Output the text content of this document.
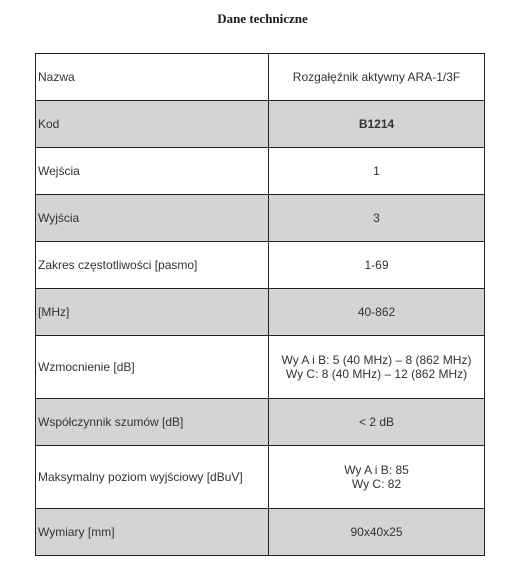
Dane techniczne
Nazwa	Rozgałęźnik aktywny ARA-1/3F
Kod	B1214
Wejścia	1
Wyjścia	3
Zakres częstotliwości [pasmo]	1-69
[MHz]	40-862
Wzmocnienie [dB]	Wy A i B: 5 (40 MHz) – 8 (862 MHz)
Wy C: 8 (40 MHz) – 12 (862 MHz)

Współczynnik szumów [dB]	< 2 dB
Maksymalny poziom wyjściowy [dBuV]	Wy A i B: 85
Wy C: 82

Wymiary [mm]	90x40x25
